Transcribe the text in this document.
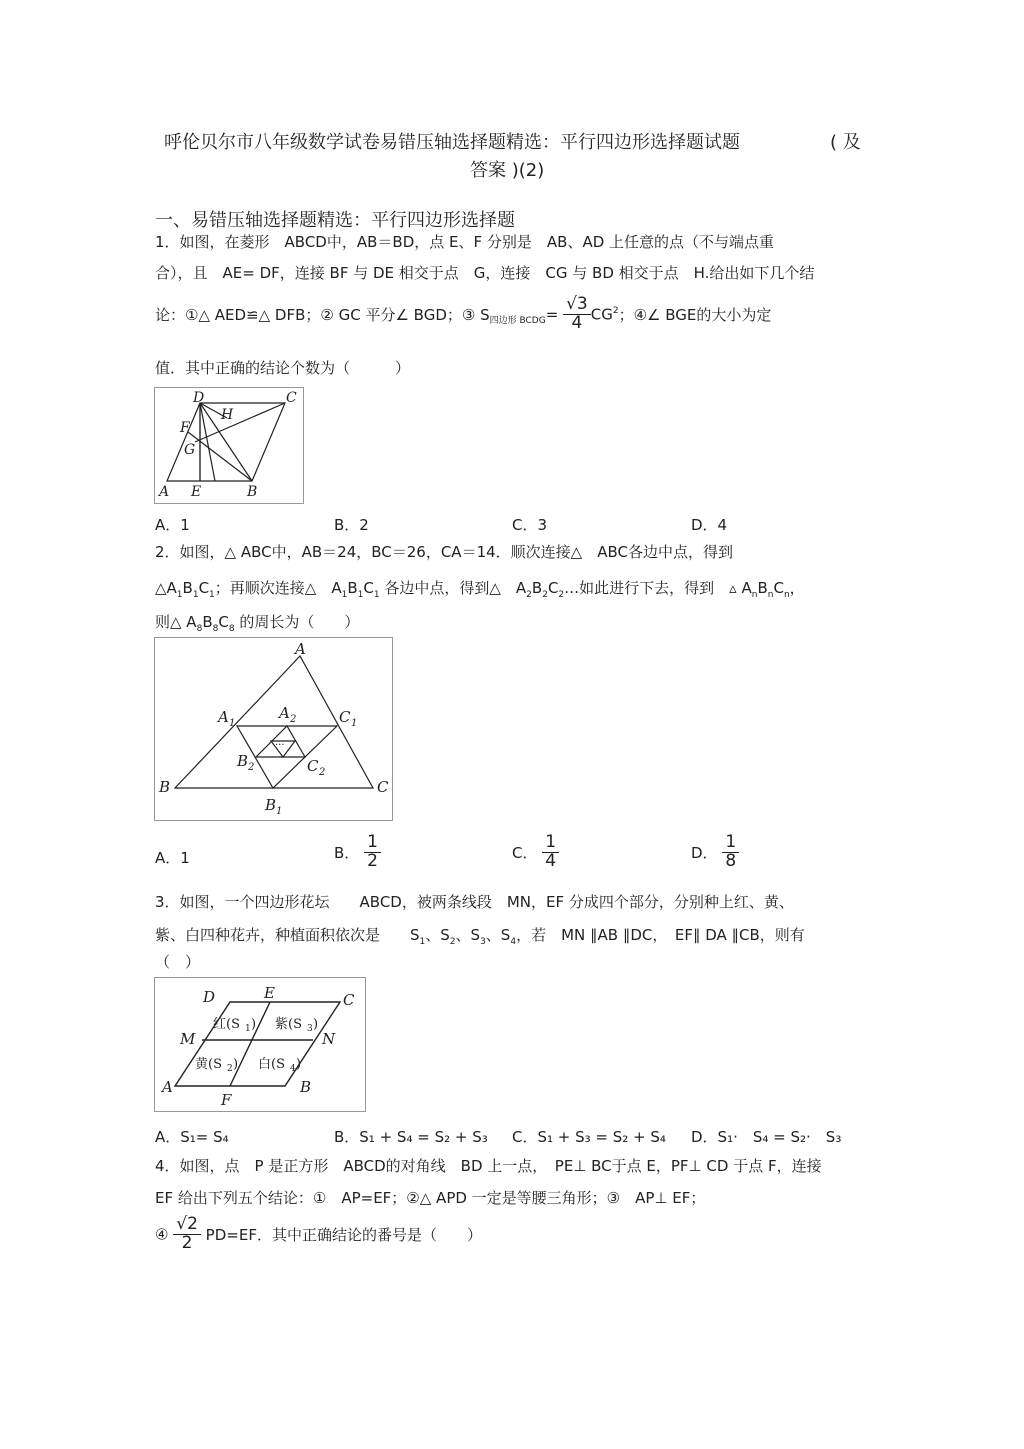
呼伦贝尔市八年级数学试卷易错压轴选择题精选：平行四边形选择题试题	( 及
答案 )(2)
一、易错压轴选择题精选：平行四边形选择题
1．如图，在菱形　ABCD中，AB＝BD，点 E、F 分别是　AB、AD 上任意的点（不与端点重
合），且　AE= DF，连接 BF 与 DE 相交于点　G，连接　CG 与 BD 相交于点　H.给出如下几个结
论：①△ AED≌△ DFB；② GC 平分∠ BGD；③ $S_{四边形 BCDG}= \frac{√3}{4} CG^2$；④∠ BGE的大小为定
值．其中正确的结论个数为（　　　）
D	C
A E	B
F
G
H
A．1	B．2	C．3	D．4
2．如图，△ ABC中，AB＝24，BC＝26，CA＝14．顺次连接△　ABC各边中点，得到
$\triangle A_1B_1C_1$；再顺次连接△　$A_1B_1C_1$ 各边中点，得到△　$A_2B_2C_2\dots$如此进行下去，得到　▵ $A_nB_nC_n$，
则△ $A_8B_8C_8$ 的周长为（　　）
A
B	C
A 1	C 1
A 2
B 2	C 2
B 1
···
A．1	B． $\frac{1}{2}$	C． $\frac{1}{4}$	D． $\frac{1}{8}$
3．如图，一个四边形花坛　　ABCD，被两条线段　MN，EF 分成四个部分，分别种上红、黄、
紫、白四种花卉，种植面积依次是　　$S_1$、$S_2$、$S_3$、$S_4$，若　MN ∥AB ∥DC，　EF∥ DA ∥CB，则有
（　）
D	E	C
M	N
A	B
F
红(S 1 ) 紫(S 3 )
黄(S 2 ) 白(S 4 )
A．S₁= S₄	B．S₁ + S₄ = S₂ + S₃ C．S₁ + S₃ = S₂ + S₄ D．S₁·　S₄ = S₂·　S₃
4．如图，点　P 是正方形　ABCD的对角线　BD 上一点，　PE⊥ BC于点 E，PF⊥ CD 于点 F，连接
EF 给出下列五个结论：①　AP=EF；②△ APD 一定是等腰三角形；③　AP⊥ EF；
④ $\frac{√2}{2} PD=EF$．其中正确结论的番号是（　　）
